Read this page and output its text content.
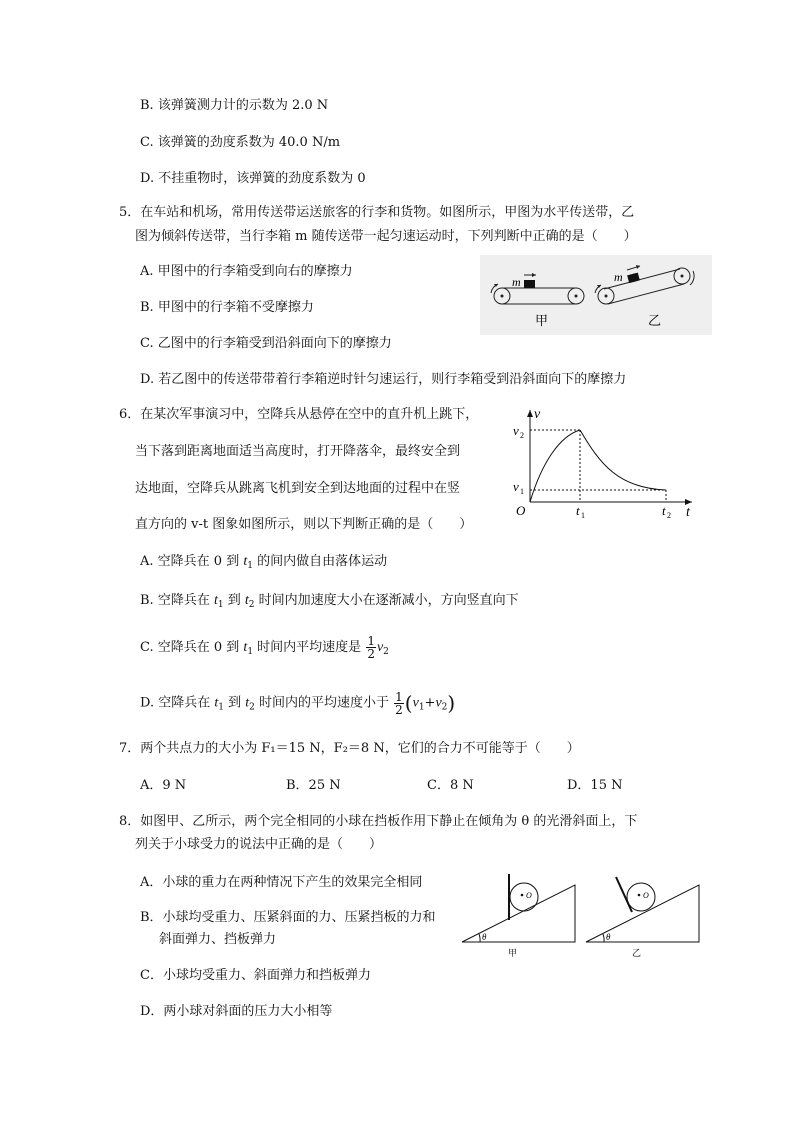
B. 该弹簧测力计的示数为 2.0 N
C. 该弹簧的劲度系数为 40.0 N/m
D. 不挂重物时，该弹簧的劲度系数为 0
5．在车站和机场，常用传送带运送旅客的行李和货物。如图所示，甲图为水平传送带，乙
图为倾斜传送带，当行李箱 m 随传送带一起匀速运动时，下列判断中正确的是（　　）
A. 甲图中的行李箱受到向右的摩擦力
B. 甲图中的行李箱不受摩擦力
C. 乙图中的行李箱受到沿斜面向下的摩擦力
D. 若乙图中的传送带带着行李箱逆时针匀速运行，则行李箱受到沿斜面向下的摩擦力
m
甲
m
乙
6．在某次军事演习中，空降兵从悬停在空中的直升机上跳下，
当下落到距离地面适当高度时，打开降落伞，最终安全到
达地面，空降兵从跳离飞机到安全到达地面的过程中在竖
直方向的 v-t 图象如图所示，则以下判断正确的是（　　）
v
t
O
v 2
v 1
t 1	t 2
A. 空降兵在 0 到 $t_1$ 的间内做自由落体运动
B. 空降兵在 $t_1$ 到 $t_2$ 时间内加速度大小在逐渐减小，方向竖直向下
C. 空降兵在 0 到 $t_1$ 时间内平均速度是 $\frac{1}{2} v_2$
D. 空降兵在 $t_1$ 到 $t_2$ 时间内的平均速度小于 $\frac{1}{2} (v_1+v_2)$
7．两个共点力的大小为 F₁＝15 N，F₂＝8 N，它们的合力不可能等于（　　）
A．9 N	B．25 N	C．8 N	D．15 N
8．如图甲、乙所示，两个完全相同的小球在挡板作用下静止在倾角为 θ 的光滑斜面上，下
列关于小球受力的说法中正确的是（　　）
A．小球的重力在两种情况下产生的效果完全相同
B．小球均受重力、压紧斜面的力、压紧挡板的力和
斜面弹力、挡板弹力
C．小球均受重力、斜面弹力和挡板弹力
D．两小球对斜面的压力大小相等
O
θ
甲
O
θ
乙
